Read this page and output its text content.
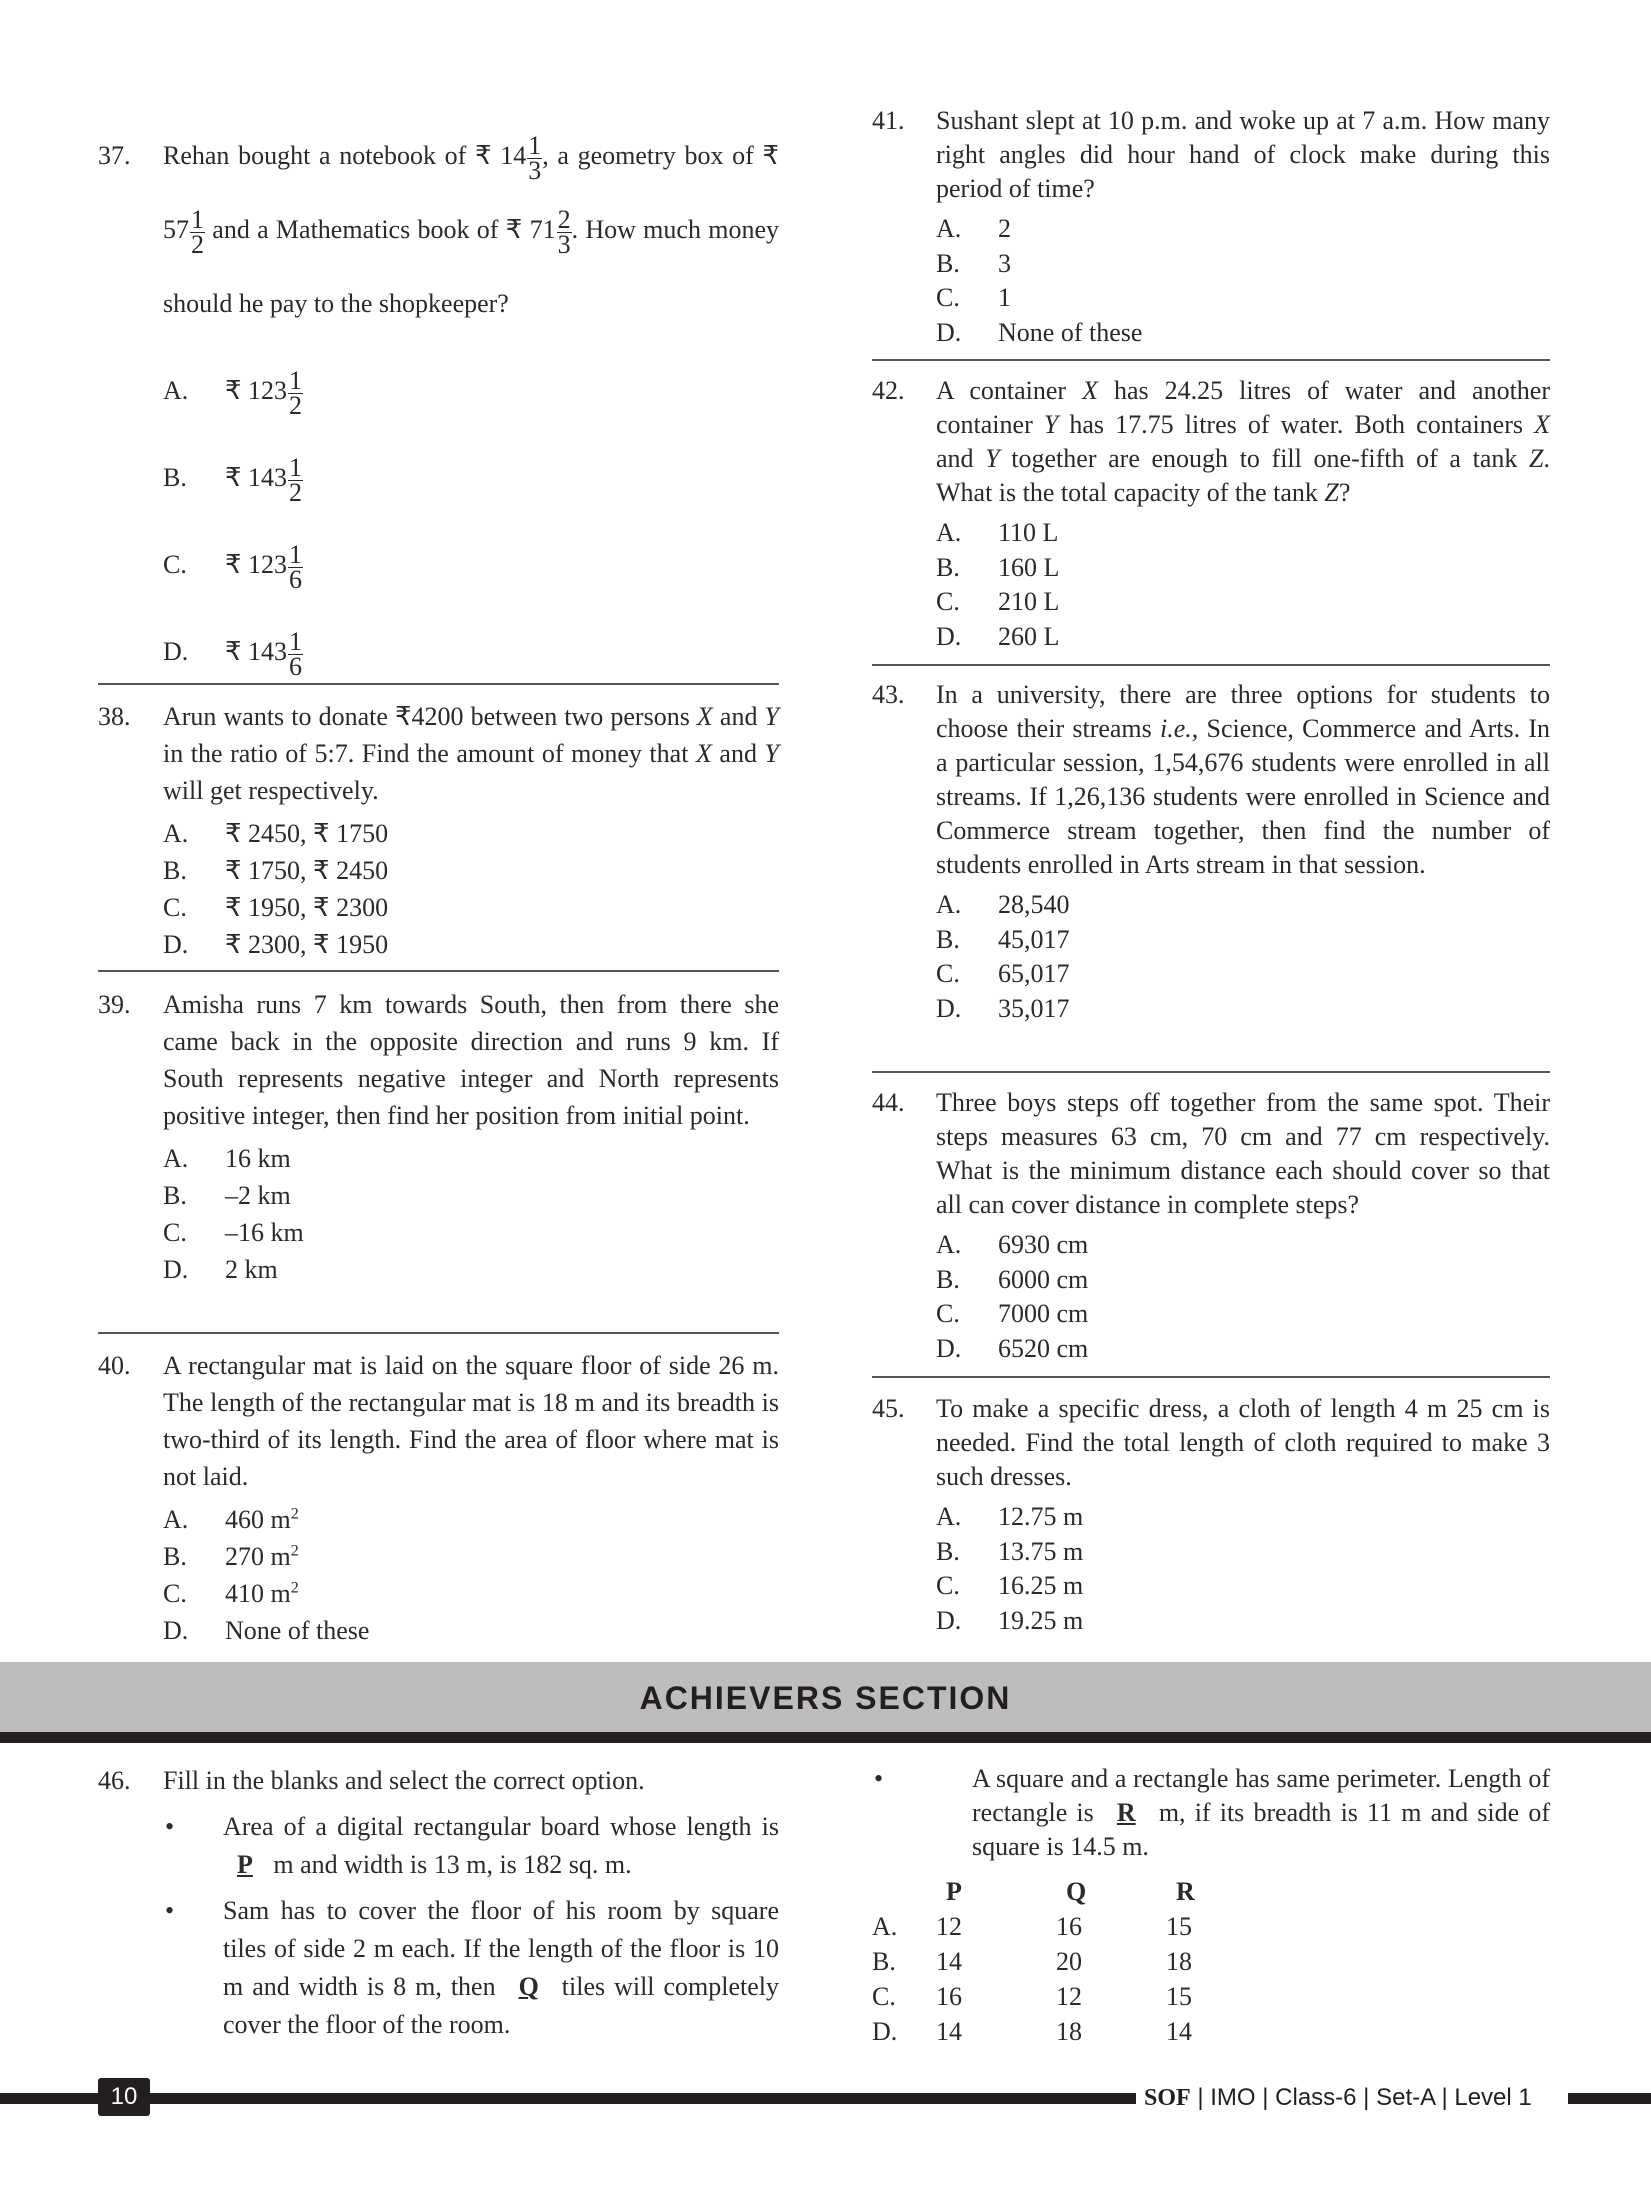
ACHIEVERS SECTION
46. Fill in the blanks and select the correct option.
• Area of a digital rectangular board whose length is P m and width is 13 m, is 182 sq. m.
• Sam has to cover the floor of his room by square tiles of side 2 m each. If the length of the floor is 10 m and width is 8 m, then Q tiles will completely cover the floor of the room.
• A square and a rectangle has same perimeter. Length of rectangle is R m, if its breadth is 11 m and side of square is 14.5 m.
P	Q	R
A.	12	16	15
B.	14	20	18
C.	16	12	15
D.	14	18	14
10	SOF | IMO | Class-6 | Set-A | Level 1
37. Rehan bought a notebook of ₹ $14 \frac{1}{3}$ , a geometry box of ₹ $57 \frac{1}{2}$ and a Mathematics book of ₹ $71 \frac{2}{3}$ . How much money should he pay to the shopkeeper?
A.	₹ $123 \frac{1}{2}$
B.	₹ $143 \frac{1}{2}$
C.	₹ $123 \frac{1}{6}$
D.	₹ $143 \frac{1}{6}$
38. Arun wants to donate ₹4200 between two persons X and Y in the ratio of 5:7. Find the amount of money that X and Y will get respectively.
A.	₹ 2450, ₹ 1750
B.	₹ 1750, ₹ 2450
C.	₹ 1950, ₹ 2300
D.	₹ 2300, ₹ 1950
39. Amisha runs 7 km towards South, then from there she came back in the opposite direction and runs 9 km. If South represents negative integer and North represents positive integer, then find her position from initial point.
A.	16 km
B.	–2 km
C.	–16 km
D.	2 km
40. A rectangular mat is laid on the square floor of side 26 m. The length of the rectangular mat is 18 m and its breadth is two-third of its length. Find the area of floor where mat is not laid.
A.	460 $m^2$
B.	270 $m^2$
C.	410 $m^2$
D.	None of these
41. Sushant slept at 10 p.m. and woke up at 7 a.m. How many right angles did hour hand of clock make during this period of time?
A.	2
B.	3
C.	1
D.	None of these
42. A container X has 24.25 litres of water and another container Y has 17.75 litres of water. Both containers X and Y together are enough to fill one-fifth of a tank Z. What is the total capacity of the tank Z?
A.	110 L
B.	160 L
C.	210 L
D.	260 L
43. In a university, there are three options for students to choose their streams i.e., Science, Commerce and Arts. In a particular session, 1,54,676 students were enrolled in all streams. If 1,26,136 students were enrolled in Science and Commerce stream together, then find the number of students enrolled in Arts stream in that session.
A.	28,540
B.	45,017
C.	65,017
D.	35,017
44. Three boys steps off together from the same spot. Their steps measures 63 cm, 70 cm and 77 cm respectively. What is the minimum distance each should cover so that all can cover distance in complete steps?
A.	6930 cm
B.	6000 cm
C.	7000 cm
D.	6520 cm
45. To make a specific dress, a cloth of length 4 m 25 cm is needed. Find the total length of cloth required to make 3 such dresses.
A.	12.75 m
B.	13.75 m
C.	16.25 m
D.	19.25 m
